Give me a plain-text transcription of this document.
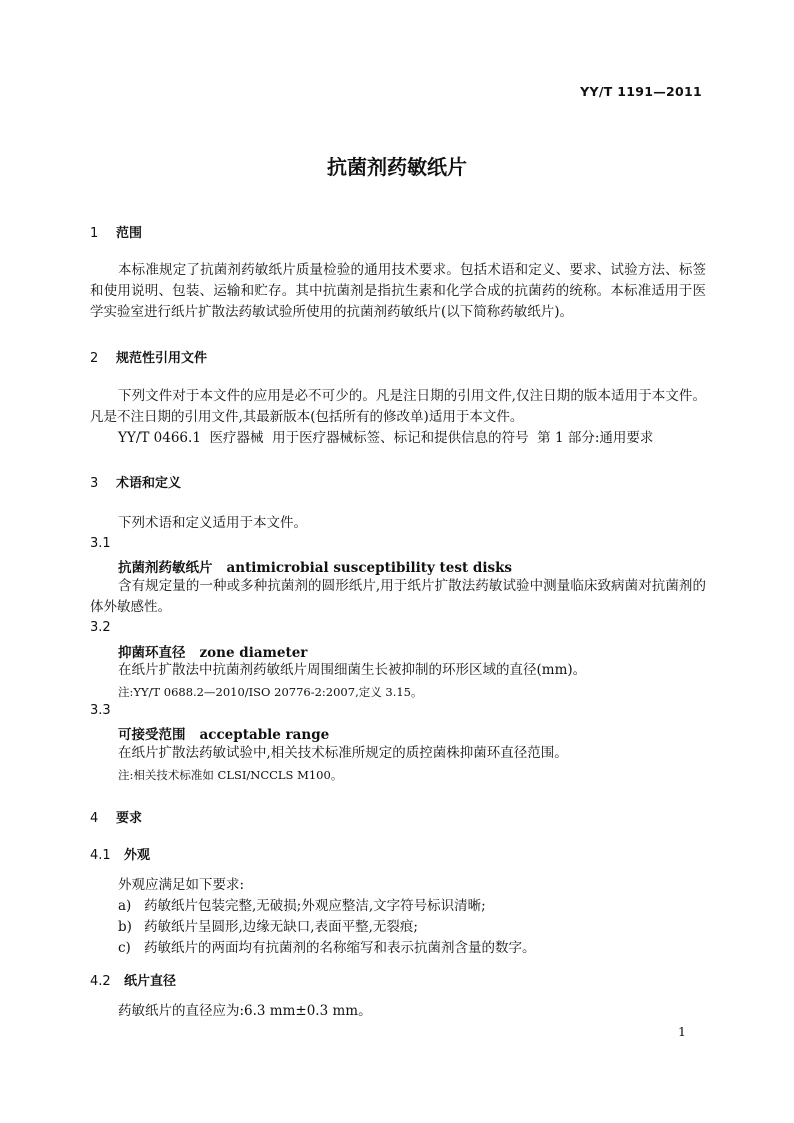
YY/T 1191—2011
抗菌剂药敏纸片
1 范围
本标准规定了抗菌剂药敏纸片质量检验的通用技术要求。包括术语和定义、要求、试验方法、标签和使用说明、包装、运输和贮存。其中抗菌剂是指抗生素和化学合成的抗菌药的统称。本标准适用于医学实验室进行纸片扩散法药敏试验所使用的抗菌剂药敏纸片(以下简称药敏纸片)。
2 规范性引用文件
下列文件对于本文件的应用是必不可少的。凡是注日期的引用文件,仅注日期的版本适用于本文件。凡是不注日期的引用文件,其最新版本(包括所有的修改单)适用于本文件。
YY/T 0466.1  医疗器械  用于医疗器械标签、标记和提供信息的符号  第 1 部分:通用要求
3 术语和定义
下列术语和定义适用于本文件。
3.1
抗菌剂药敏纸片 antimicrobial susceptibility test disks
含有规定量的一种或多种抗菌剂的圆形纸片,用于纸片扩散法药敏试验中测量临床致病菌对抗菌剂的体外敏感性。
3.2
抑菌环直径 zone diameter
在纸片扩散法中抗菌剂药敏纸片周围细菌生长被抑制的环形区域的直径(mm)。
注:YY/T 0688.2—2010/ISO 20776-2:2007,定义 3.15。
3.3
可接受范围 acceptable range
在纸片扩散法药敏试验中,相关技术标准所规定的质控菌株抑菌环直径范围。
注:相关技术标准如 CLSI/NCCLS M100。
4 要求
4.1 外观
外观应满足如下要求:
a) 药敏纸片包装完整,无破损;外观应整洁,文字符号标识清晰;
b) 药敏纸片呈圆形,边缘无缺口,表面平整,无裂痕;
c) 药敏纸片的两面均有抗菌剂的名称缩写和表示抗菌剂含量的数字。
4.2 纸片直径
药敏纸片的直径应为:6.3 mm±0.3 mm。
1
